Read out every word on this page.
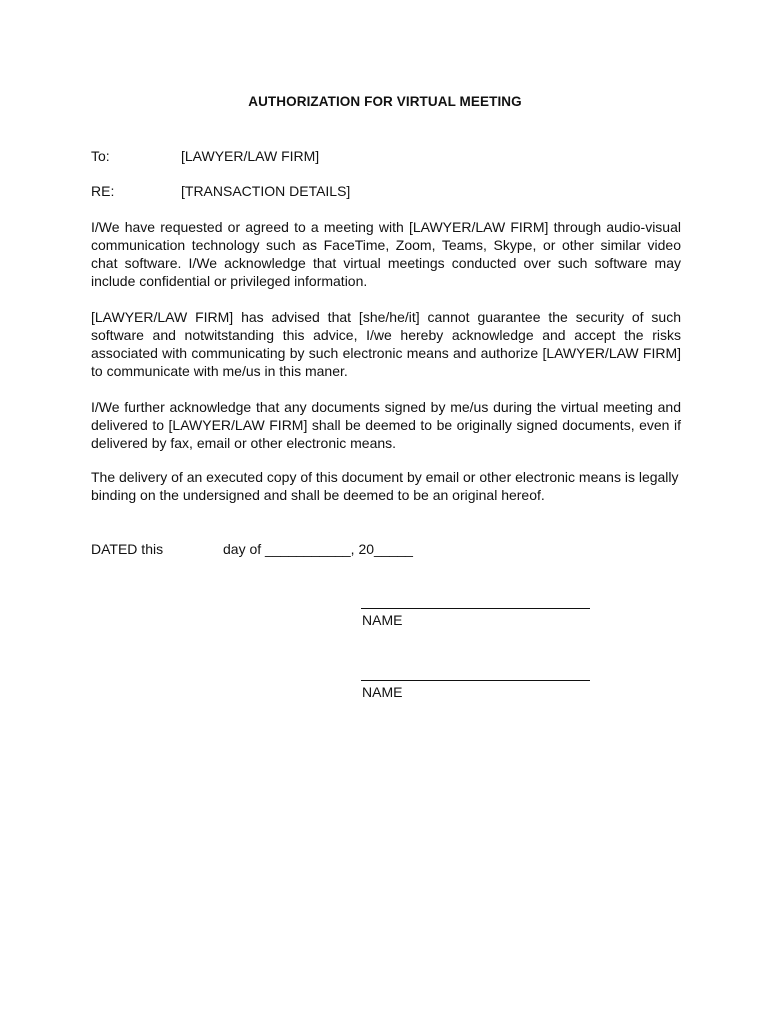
AUTHORIZATION FOR VIRTUAL MEETING
To:	[LAWYER/LAW FIRM]
RE:	[TRANSACTION DETAILS]
I/We have requested or agreed to a meeting with [LAWYER/LAW FIRM] through audio-visual communication technology such as FaceTime, Zoom, Teams, Skype, or other similar video chat software. I/We acknowledge that virtual meetings conducted over such software may include confidential or privileged information.
[LAWYER/LAW FIRM] has advised that [she/he/it] cannot guarantee the security of such software and notwitstanding this advice, I/we hereby acknowledge and accept the risks associated with communicating by such electronic means and authorize [LAWYER/LAW FIRM] to communicate with me/us in this maner.
I/We further acknowledge that any documents signed by me/us during the virtual meeting and delivered to [LAWYER/LAW FIRM] shall be deemed to be originally signed documents, even if delivered by fax, email or other electronic means.
The delivery of an executed copy of this document by email or other electronic means is legally binding on the undersigned and shall be deemed to be an original hereof.
DATED this	day of ___________, 20_____
NAME
NAME
